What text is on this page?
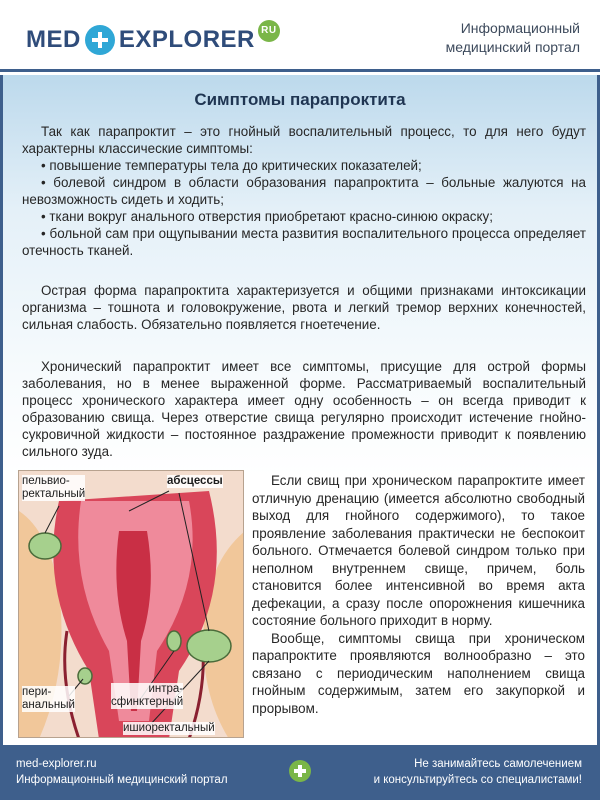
MED EXPLORER RU	Информационный
медицинский портал
Симптомы парапроктита

Так как парапроктит – это гнойный воспалительный процесс, то для него будут характерны классические симптомы:

• повышение температуры тела до критических показателей;

• болевой синдром в области образования парапроктита – больные жалуются на невозможность сидеть и ходить;

• ткани вокруг анального отверстия приобретают красно-синюю окраску;

• больной сам при ощупывании места развития воспалительного процесса определяет отечность тканей.

Острая форма парапроктита характеризуется и общими признаками интоксикации организма – тошнота и головокружение, рвота и легкий тремор верхних конечностей, сильная слабость. Обязательно появляется гноетечение.

Хронический парапроктит имеет все симптомы, присущие для острой формы заболевания, но в менее выраженной форме. Рассматриваемый воспалительный процесс хронического характера имеет одну особенность – он всегда приводит к образованию свища. Через отверстие свища регулярно происходит истечение гнойно-сукровичной жидкости – постоянное раздражение промежности приводит к появлению сильного зуда.

пельвио-
ректальный
абсцессы
пери-
анальный
интра-
сфинктерный
ишиоректальный

Если свищ при хроническом парапроктите имеет отличную дренацию (имеется абсолютно свободный выход для гнойного содержимого), то такое проявление заболевания практически не беспокоит больного. Отмечается болевой синдром только при неполном внутреннем свище, причем, боль становится более интенсивной во время акта дефекации, а сразу после опорожнения кишечника состояние больного приходит в норму.

Вообще, симптомы свища при хроническом парапроктите проявляются волнообразно – это связано с периодическим наполнением свища гнойным содержимым, затем его закупоркой и прорывом.

med-explorer.ru
Информационный медицинский портал
Не занимайтесь самолечением
и консультируйтесь со специалистами!
